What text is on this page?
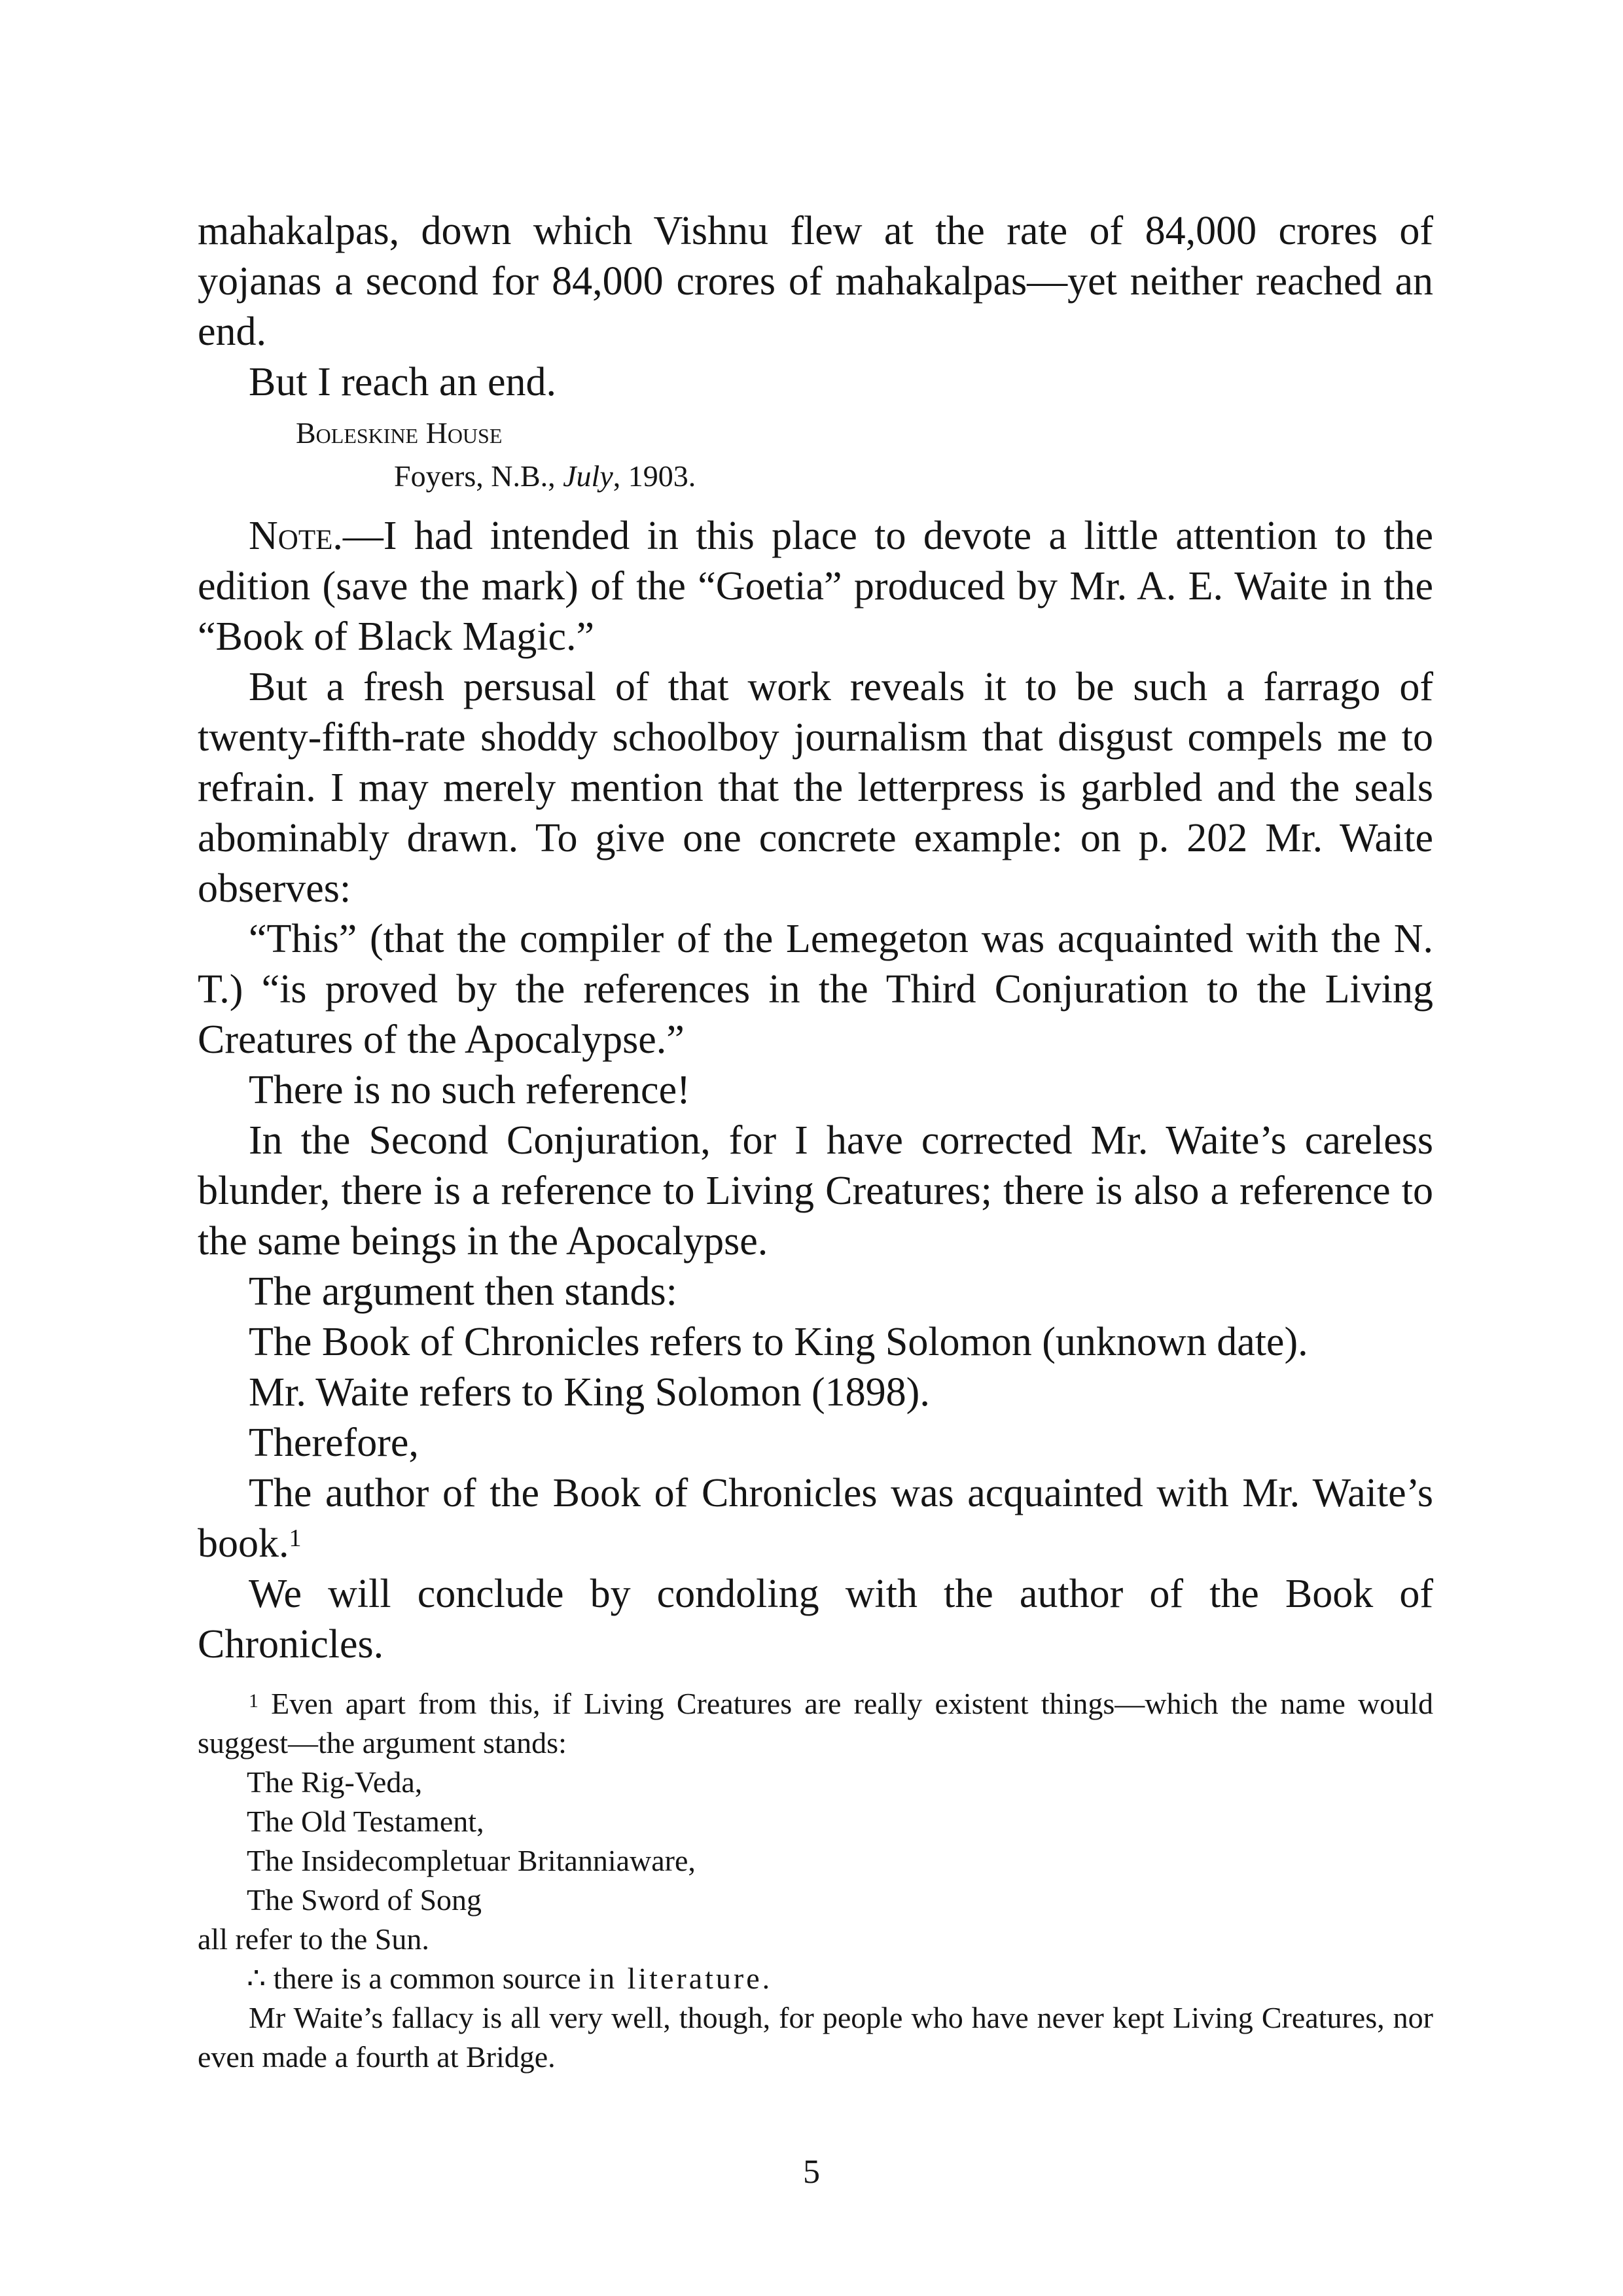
mahakalpas, down which Vishnu flew at the rate of 84,000 crores of yojanas a second for 84,000 crores of mahakalpas—yet neither reached an end.

But I reach an end.

Boleskine House

Foyers, N.B., July, 1903.

Note.—I had intended in this place to devote a little attention to the edition (save the mark) of the “Goetia” produced by Mr. A. E. Waite in the “Book of Black Magic.”

But a fresh persusal of that work reveals it to be such a farrago of twenty-fifth-rate shoddy schoolboy journalism that disgust compels me to refrain. I may merely mention that the letterpress is garbled and the seals abominably drawn. To give one concrete example: on p. 202 Mr. Waite observes:

“This” (that the compiler of the Lemegeton was acquainted with the N. T.) “is proved by the references in the Third Conjuration to the Living Creatures of the Apocalypse.”

There is no such reference!

In the Second Conjuration, for I have corrected Mr. Waite’s careless blunder, there is a reference to Living Creatures; there is also a reference to the same beings in the Apocalypse.

The argument then stands:

The Book of Chronicles refers to King Solomon (unknown date).

Mr. Waite refers to King Solomon (1898).

Therefore,

The author of the Book of Chronicles was acquainted with Mr. Waite’s book.$^1$

We will conclude by condoling with the author of the Book of Chronicles.

$^1$ Even apart from this, if Living Creatures are really existent things—which the name would suggest—the argument stands:

The Rig-Veda,

The Old Testament,

The Insidecompletuar Britanniaware,

The Sword of Song

all refer to the Sun.

∴ there is a common source in literature.

Mr Waite’s fallacy is all very well, though, for people who have never kept Living Creatures, nor even made a fourth at Bridge.

5
